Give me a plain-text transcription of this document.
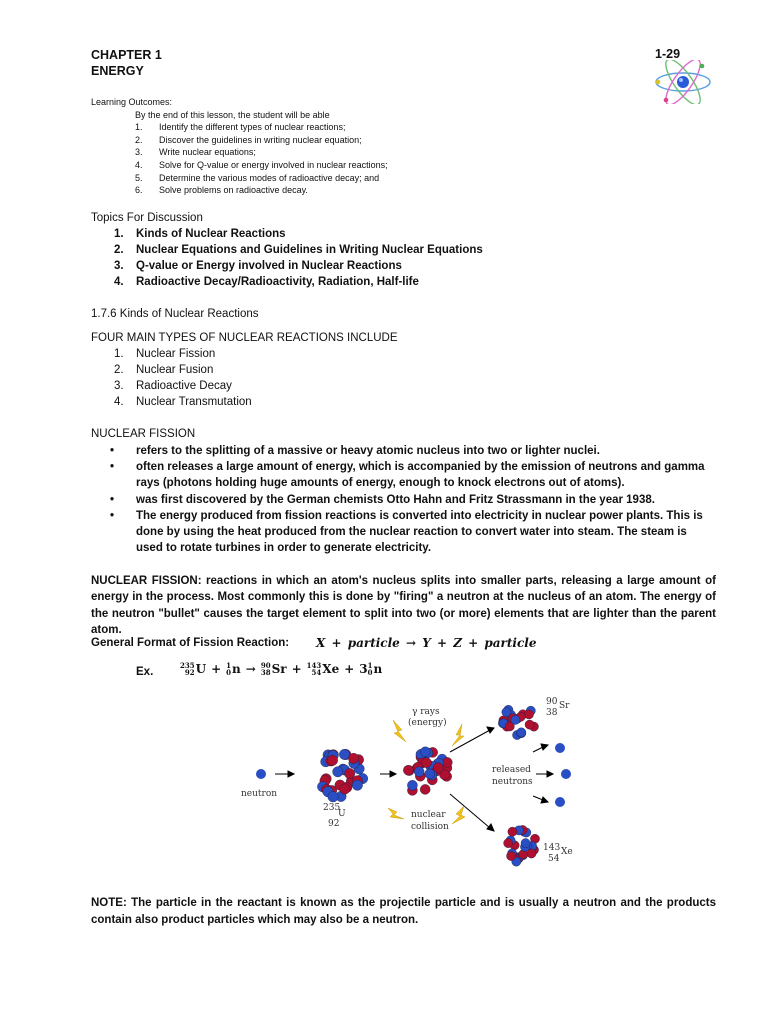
CHAPTER 1
ENERGY
1-29
Learning Outcomes:
By the end of this lesson, the student will be able
1.	Identify the different types of nuclear reactions;
2.	Discover the guidelines in writing nuclear equation;
3.	Write nuclear equations;
4.	Solve for Q-value or energy involved in nuclear reactions;
5.	Determine the various modes of radioactive decay; and
6.	Solve problems on radioactive decay.
Topics For Discussion
1.	Kinds of Nuclear Reactions
2.	Nuclear Equations and Guidelines in Writing Nuclear Equations
3.	Q-value or Energy involved in Nuclear Reactions
4.	Radioactive Decay/Radioactivity, Radiation, Half-life
1.7.6 Kinds of Nuclear Reactions
FOUR MAIN TYPES OF NUCLEAR REACTIONS INCLUDE
1.	Nuclear Fission
2.	Nuclear Fusion
3.	Radioactive Decay
4.	Nuclear Transmutation
NUCLEAR FISSION
•	refers to the splitting of a massive or heavy atomic nucleus into two or lighter nuclei.
•	often releases a large amount of energy, which is accompanied by the emission of neutrons and gamma rays (photons holding huge amounts of energy, enough to knock electrons out of atoms).
•	was first discovered by the German chemists Otto Hahn and Fritz Strassmann in the year 1938.
•	The energy produced from fission reactions is converted into electricity in nuclear power plants. This is done by using the heat produced from the nuclear reaction to convert water into steam. The steam is used to rotate turbines in order to generate electricity.
NUCLEAR FISSION: reactions in which an atom's nucleus splits into smaller parts, releasing a large amount of energy in the process. Most commonly this is done by "firing" a neutron at the nucleus of an atom. The energy of the neutron "bullet" causes the target element to split into two (or more) elements that are lighter than the parent atom.
General Format of Fission Reaction: X + particle → Y + Z + particle
Ex.
235
92 U + 1
0 n → 90
38 Sr + 143
54 Xe + 3 1
0 n
neutron
235
U
92
γ rays
(energy)
nuclear
collision
released
neutrons
90 Sr
38
143 Xe
54
NOTE: The particle in the reactant is known as the projectile particle and is usually a neutron and the products contain also product particles which may also be a neutron.
